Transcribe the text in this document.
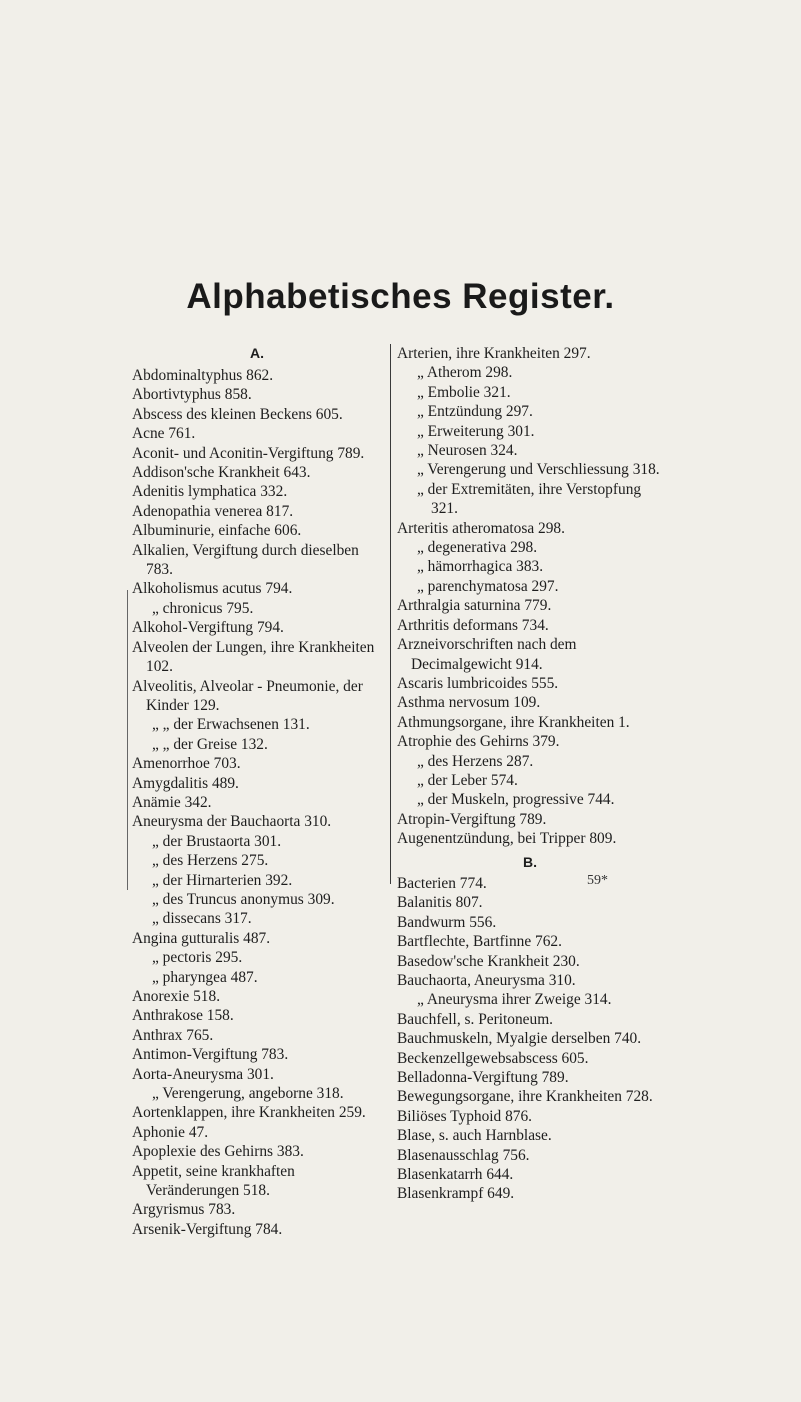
Alphabetisches Register.
A.
Abdominaltyphus 862.
Abortivtyphus 858.
Abscess des kleinen Beckens 605.
Acne 761.
Aconit- und Aconitin-Vergiftung 789.
Addison'sche Krankheit 643.
Adenitis lymphatica 332.
Adenopathia venerea 817.
Albuminurie, einfache 606.
Alkalien, Vergiftung durch dieselben 783.
Alkoholismus acutus 794.
„ chronicus 795.
Alkohol-Vergiftung 794.
Alveolen der Lungen, ihre Krankheiten 102.
Alveolitis, Alveolar - Pneumonie, der Kinder 129.
„ „ der Erwachsenen 131.
„ „ der Greise 132.
Amenorrhoe 703.
Amygdalitis 489.
Anämie 342.
Aneurysma der Bauchaorta 310.
„ der Brustaorta 301.
„ des Herzens 275.
„ der Hirnarterien 392.
„ des Truncus anonymus 309.
„ dissecans 317.
Angina gutturalis 487.
„ pectoris 295.
„ pharyngea 487.
Anorexie 518.
Anthrakose 158.
Anthrax 765.
Antimon-Vergiftung 783.
Aorta-Aneurysma 301.
„ Verengerung, angeborne 318.
Aortenklappen, ihre Krankheiten 259.
Aphonie 47.
Apoplexie des Gehirns 383.
Appetit, seine krankhaften Veränderungen 518.
Argyrismus 783.
Arsenik-Vergiftung 784.
Arterien, ihre Krankheiten 297.
„ Atherom 298.
„ Embolie 321.
„ Entzündung 297.
„ Erweiterung 301.
„ Neurosen 324.
„ Verengerung und Verschliessung 318.
„ der Extremitäten, ihre Verstopfung 321.
Arteritis atheromatosa 298.
„ degenerativa 298.
„ hämorrhagica 383.
„ parenchymatosa 297.
Arthralgia saturnina 779.
Arthritis deformans 734.
Arzneivorschriften nach dem Decimalgewicht 914.
Ascaris lumbricoides 555.
Asthma nervosum 109.
Athmungsorgane, ihre Krankheiten 1.
Atrophie des Gehirns 379.
„ des Herzens 287.
„ der Leber 574.
„ der Muskeln, progressive 744.
Atropin-Vergiftung 789.
Augenentzündung, bei Tripper 809.
B.
Bacterien 774.
Balanitis 807.
Bandwurm 556.
Bartflechte, Bartfinne 762.
Basedow'sche Krankheit 230.
Bauchaorta, Aneurysma 310.
„ Aneurysma ihrer Zweige 314.
Bauchfell, s. Peritoneum.
Bauchmuskeln, Myalgie derselben 740.
Beckenzellgewebsabscess 605.
Belladonna-Vergiftung 789.
Bewegungsorgane, ihre Krankheiten 728.
Biliöses Typhoid 876.
Blase, s. auch Harnblase.
Blasenausschlag 756.
Blasenkatarrh 644.
Blasenkrampf 649.
59*
